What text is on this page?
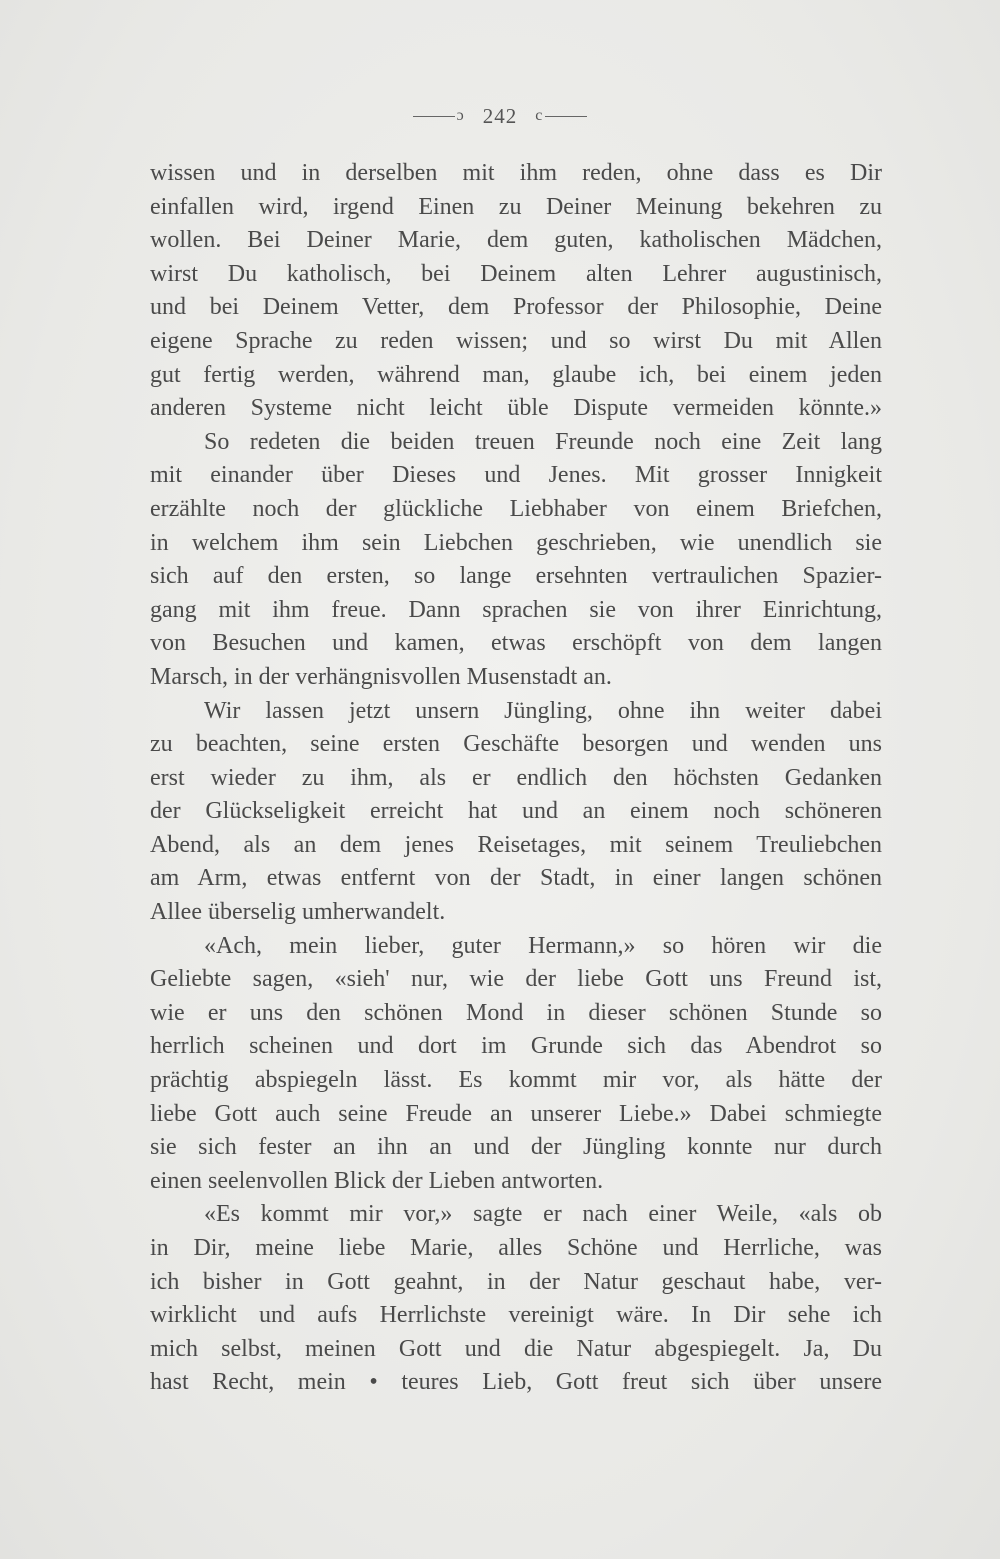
ɔ 242 c
wissen und in derselben mit ihm reden, ohne dass es Dir
einfallen wird, irgend Einen zu Deiner Meinung bekehren zu
wollen. Bei Deiner Marie, dem guten, katholischen Mädchen,
wirst Du katholisch, bei Deinem alten Lehrer augustinisch,
und bei Deinem Vetter, dem Professor der Philosophie, Deine
eigene Sprache zu reden wissen; und so wirst Du mit Allen
gut fertig werden, während man, glaube ich, bei einem jeden
anderen Systeme nicht leicht üble Dispute vermeiden könnte.»
So redeten die beiden treuen Freunde noch eine Zeit lang
mit einander über Dieses und Jenes. Mit grosser Innigkeit
erzählte noch der glückliche Liebhaber von einem Briefchen,
in welchem ihm sein Liebchen geschrieben, wie unendlich sie
sich auf den ersten, so lange ersehnten vertraulichen Spazier-
gang mit ihm freue. Dann sprachen sie von ihrer Einrichtung,
von Besuchen und kamen, etwas erschöpft von dem langen
Marsch, in der verhängnisvollen Musenstadt an.
Wir lassen jetzt unsern Jüngling, ohne ihn weiter dabei
zu beachten, seine ersten Geschäfte besorgen und wenden uns
erst wieder zu ihm, als er endlich den höchsten Gedanken
der Glückseligkeit erreicht hat und an einem noch schöneren
Abend, als an dem jenes Reisetages, mit seinem Treuliebchen
am Arm, etwas entfernt von der Stadt, in einer langen schönen
Allee überselig umherwandelt.
«Ach, mein lieber, guter Hermann,» so hören wir die
Geliebte sagen, «sieh' nur, wie der liebe Gott uns Freund ist,
wie er uns den schönen Mond in dieser schönen Stunde so
herrlich scheinen und dort im Grunde sich das Abendrot so
prächtig abspiegeln lässt. Es kommt mir vor, als hätte der
liebe Gott auch seine Freude an unserer Liebe.» Dabei schmiegte
sie sich fester an ihn an und der Jüngling konnte nur durch
einen seelenvollen Blick der Lieben antworten.
«Es kommt mir vor,» sagte er nach einer Weile, «als ob
in Dir, meine liebe Marie, alles Schöne und Herrliche, was
ich bisher in Gott geahnt, in der Natur geschaut habe, ver-
wirklicht und aufs Herrlichste vereinigt wäre. In Dir sehe ich
mich selbst, meinen Gott und die Natur abgespiegelt. Ja, Du
hast Recht, mein • teures Lieb, Gott freut sich über unsere
